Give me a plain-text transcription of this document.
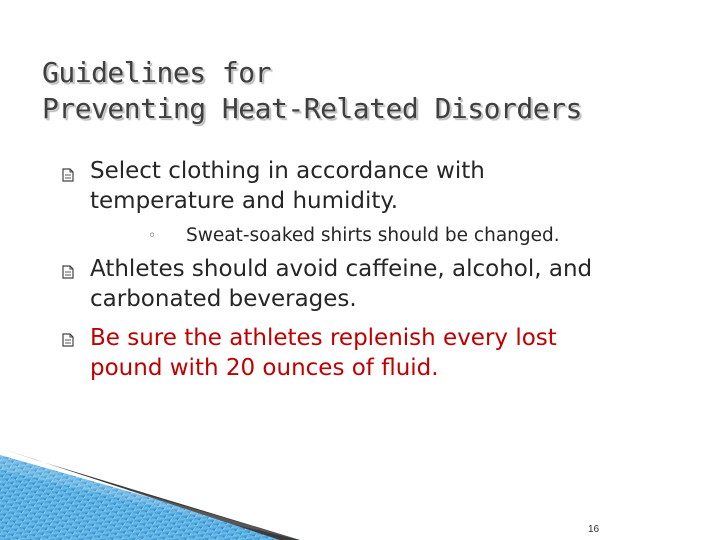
Guidelines for
Preventing Heat-Related Disorders
Select clothing in accordance with
temperature and humidity.
◦ Sweat-soaked shirts should be changed.
Athletes should avoid caffeine, alcohol, and
carbonated beverages.
Be sure the athletes replenish every lost
pound with 20 ounces of fluid.
16
